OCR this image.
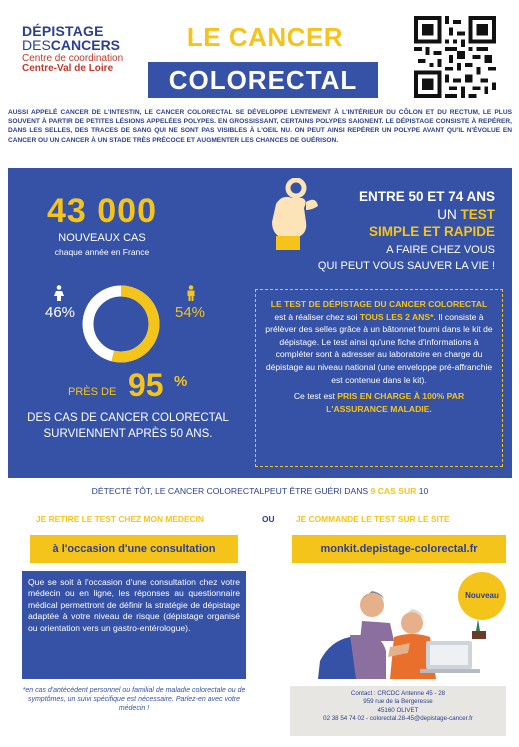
DÉPISTAGE
DESCANCERS
Centre de coordination
Centre-Val de Loire
LE CANCER
COLORECTAL
AUSSI APPELÉ CANCER DE L'INTESTIN, LE CANCER COLORECTAL SE DÉVELOPPE LENTEMENT À L'INTÉRIEUR DU CÔLON ET DU RECTUM, LE PLUS SOUVENT À PARTIR DE PETITES LÉSIONS APPELÉES POLYPES. EN GROSSISSANT, CERTAINS POLYPES SAIGNENT. LE DÉPISTAGE CONSISTE À REPÉRER, DANS LES SELLES, DES TRACES DE SANG QUI NE SONT PAS VISIBLES À L'OEIL NU. ON PEUT AINSI REPÉRER UN POLYPE AVANT QU'IL N'ÉVOLUE EN CANCER OU UN CANCER À UN STADE TRÈS PRÉCOCE ET AUGMENTER LES CHANCES DE GUÉRISON.
43 000
NOUVEAUX CAS
chaque année en France
46%	54%
PRÈS DE 95 %
DES CAS DE CANCER COLORECTAL SURVIENNENT APRÈS 50 ANS.
ENTRE 50 ET 74 ANS
UN TEST
SIMPLE ET RAPIDE
A FAIRE CHEZ VOUS
QUI PEUT VOUS SAUVER LA VIE !
LE TEST DE DÉPISTAGE DU CANCER COLORECTAL est à réaliser chez soi TOUS LES 2 ANS*. Il consiste à prélèver des selles grâce à un bâtonnet fourni dans le kit de dépistage. Le test ainsi qu'une fiche d'informations à compléter sont à adresser au laboratoire en charge du dépistage au niveau national (une enveloppe pré-affranchie est contenue dans le kit).
Ce test est PRIS EN CHARGE À 100% PAR L'ASSURANCE MALADIE.
DÉTECTÉ TÔT, LE CANCER COLORECTALPEUT ÊTRE GUÉRI DANS 9 CAS SUR 10
JE RETIRE LE TEST CHEZ MON MEDECIN	OU	JE COMMANDE LE TEST SUR LE SITE
à l'occasion d'une consultation	monkit.depistage-colorectal.fr
Que se soit à l'occasion d'une consultation chez votre médecin ou en ligne, les réponses au questionnaire médical permettront de définir la stratégie de dépistage adaptée à votre niveau de risque (dépistage organisé ou orientation vers un gastro-entérologue).
*en cas d'antécédent personnel ou familial de maladie colorectale ou de symptômes, un suivi spécifique est nécessaire. Parlez-en avec votre médecin !
Nouveau
Contact : CRCDC Antenne 45 - 28
959 rue de la Bergeresse
45160 OLIVET
02 38 54 74 02 - colorectal.28-45@depistage-cancer.fr
